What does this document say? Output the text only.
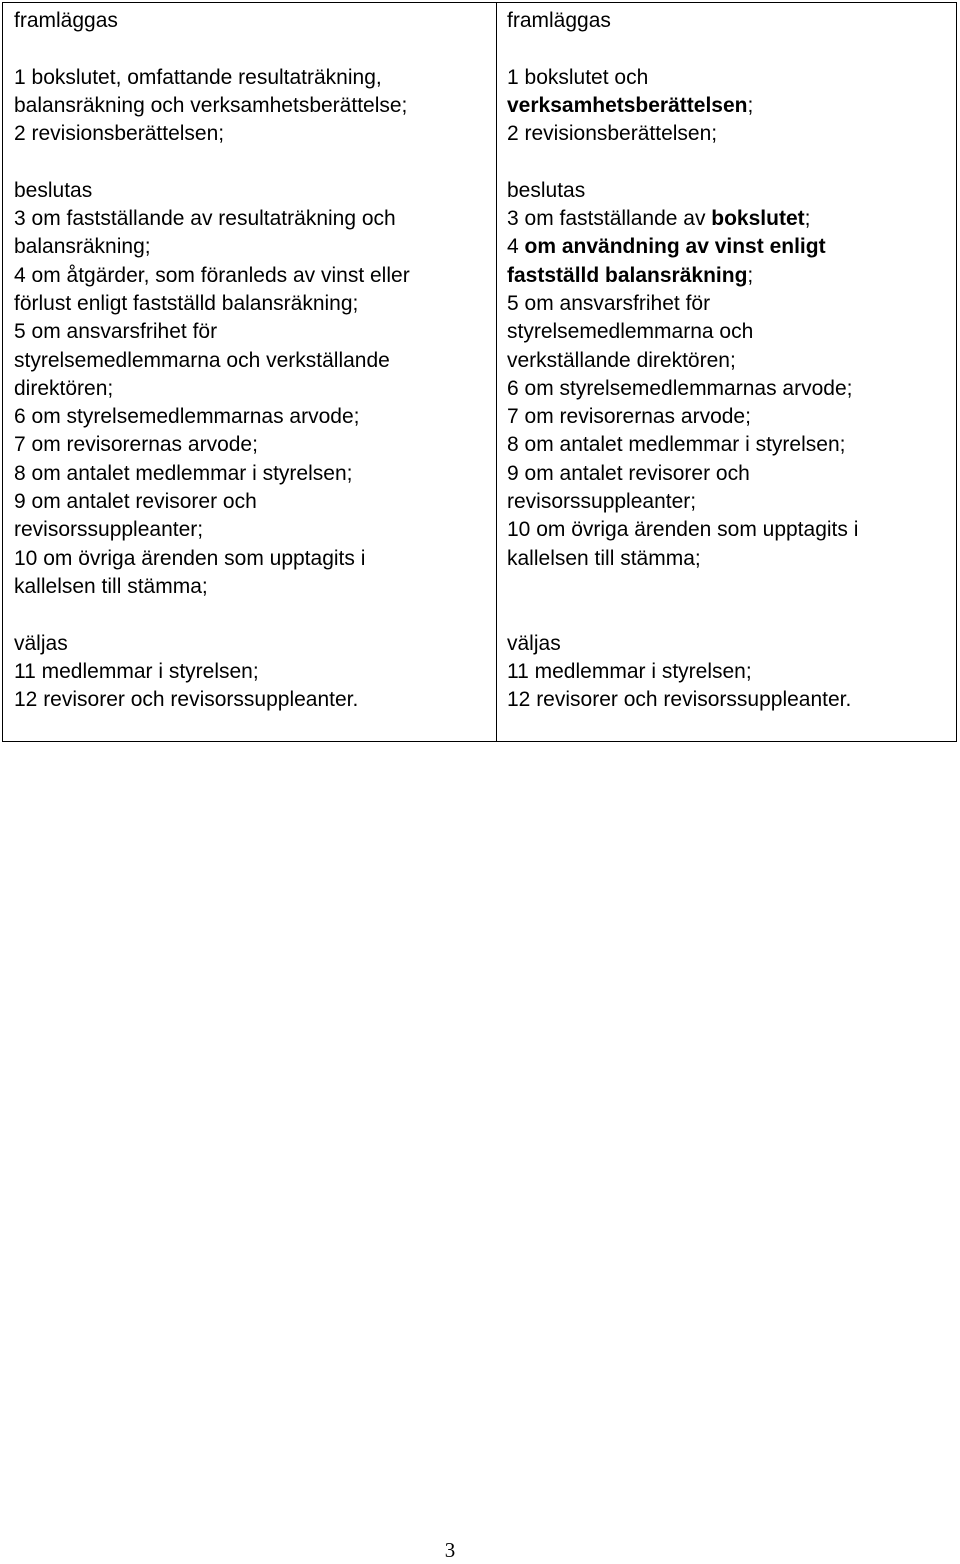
framläggas
1 bokslutet, omfattande resultaträkning,
balansräkning och verksamhetsberättelse;
2 revisionsberättelsen;
beslutas
3 om fastställande av resultaträkning och
balansräkning;
4 om åtgärder, som föranleds av vinst eller
förlust enligt fastställd balansräkning;
5 om ansvarsfrihet för
styrelsemedlemmarna och verkställande
direktören;
6 om styrelsemedlemmarnas arvode;
7 om revisorernas arvode;
8 om antalet medlemmar i styrelsen;
9 om antalet revisorer och
revisorssuppleanter;
10 om övriga ärenden som upptagits i
kallelsen till stämma;
väljas
11 medlemmar i styrelsen;
12 revisorer och revisorssuppleanter.
framläggas
1 bokslutet och
verksamhetsberättelsen;
2 revisionsberättelsen;
beslutas
3 om fastställande av bokslutet;
4 om användning av vinst enligt
fastställd balansräkning;
5 om ansvarsfrihet för
styrelsemedlemmarna och
verkställande direktören;
6 om styrelsemedlemmarnas arvode;
7 om revisorernas arvode;
8 om antalet medlemmar i styrelsen;
9 om antalet revisorer och
revisorssuppleanter;
10 om övriga ärenden som upptagits i
kallelsen till stämma;
väljas
11 medlemmar i styrelsen;
12 revisorer och revisorssuppleanter.
3
